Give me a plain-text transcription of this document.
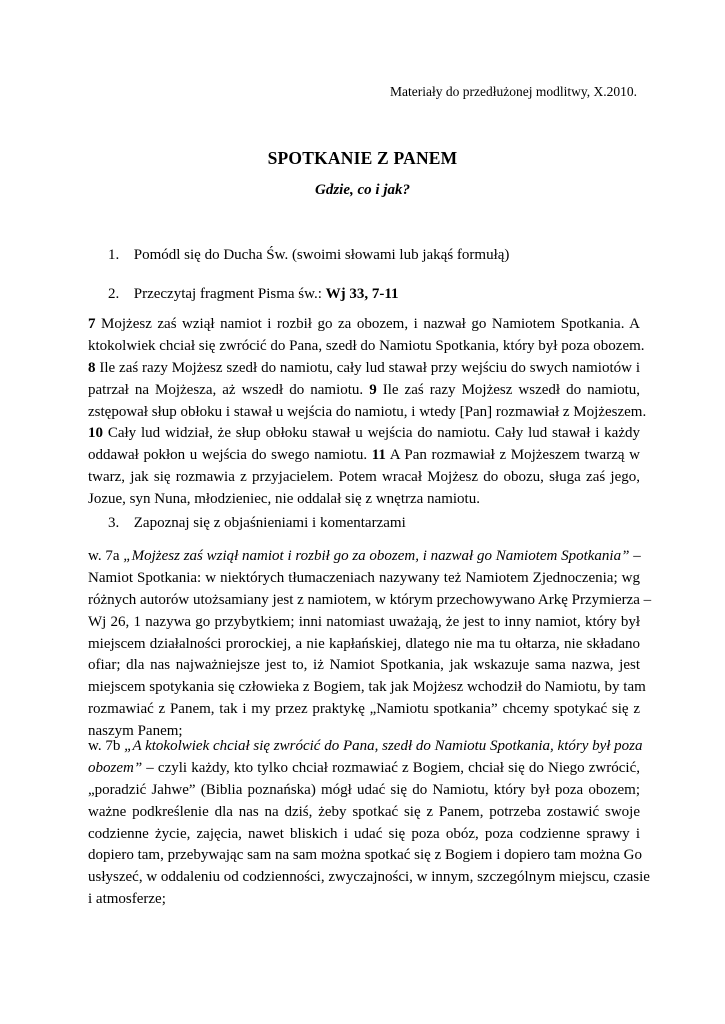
Materiały do przedłużonej modlitwy, X.2010.
SPOTKANIE Z PANEM
Gdzie, co i jak?
1. Pomódl się do Ducha Św. (swoimi słowami lub jakąś formułą)
2. Przeczytaj fragment Pisma św.: Wj 33, 7-11
7 Mojżesz zaś wziął namiot i rozbił go za obozem, i nazwał go Namiotem Spotkania. A
ktokolwiek chciał się zwrócić do Pana, szedł do Namiotu Spotkania, który był poza obozem.
8 Ile zaś razy Mojżesz szedł do namiotu, cały lud stawał przy wejściu do swych namiotów i
patrzał na Mojżesza, aż wszedł do namiotu. 9 Ile zaś razy Mojżesz wszedł do namiotu,
zstępował słup obłoku i stawał u wejścia do namiotu, i wtedy [Pan] rozmawiał z Mojżeszem.
10 Cały lud widział, że słup obłoku stawał u wejścia do namiotu. Cały lud stawał i każdy
oddawał pokłon u wejścia do swego namiotu. 11 A Pan rozmawiał z Mojżeszem twarzą w
twarz, jak się rozmawia z przyjacielem. Potem wracał Mojżesz do obozu, sługa zaś jego,
Jozue, syn Nuna, młodzieniec, nie oddalał się z wnętrza namiotu.
3. Zapoznaj się z objaśnieniami i komentarzami
w. 7a „Mojżesz zaś wziął namiot i rozbił go za obozem, i nazwał go Namiotem Spotkania” –
Namiot Spotkania: w niektórych tłumaczeniach nazywany też Namiotem Zjednoczenia; wg
różnych autorów utożsamiany jest z namiotem, w którym przechowywano Arkę Przymierza –
Wj 26, 1 nazywa go przybytkiem; inni natomiast uważają, że jest to inny namiot, który był
miejscem działalności prorockiej, a nie kapłańskiej, dlatego nie ma tu ołtarza, nie składano
ofiar; dla nas najważniejsze jest to, iż Namiot Spotkania, jak wskazuje sama nazwa, jest
miejscem spotykania się człowieka z Bogiem, tak jak Mojżesz wchodził do Namiotu, by tam
rozmawiać z Panem, tak i my przez praktykę „Namiotu spotkania” chcemy spotykać się z
naszym Panem;
w. 7b „A ktokolwiek chciał się zwrócić do Pana, szedł do Namiotu Spotkania, który był poza
obozem” – czyli każdy, kto tylko chciał rozmawiać z Bogiem, chciał się do Niego zwrócić,
„poradzić Jahwe” (Biblia poznańska) mógł udać się do Namiotu, który był poza obozem;
ważne podkreślenie dla nas na dziś, żeby spotkać się z Panem, potrzeba zostawić swoje
codzienne życie, zajęcia, nawet bliskich i udać się poza obóz, poza codzienne sprawy i
dopiero tam, przebywając sam na sam można spotkać się z Bogiem i dopiero tam można Go
usłyszeć, w oddaleniu od codzienności, zwyczajności, w innym, szczególnym miejscu, czasie
i atmosferze;
